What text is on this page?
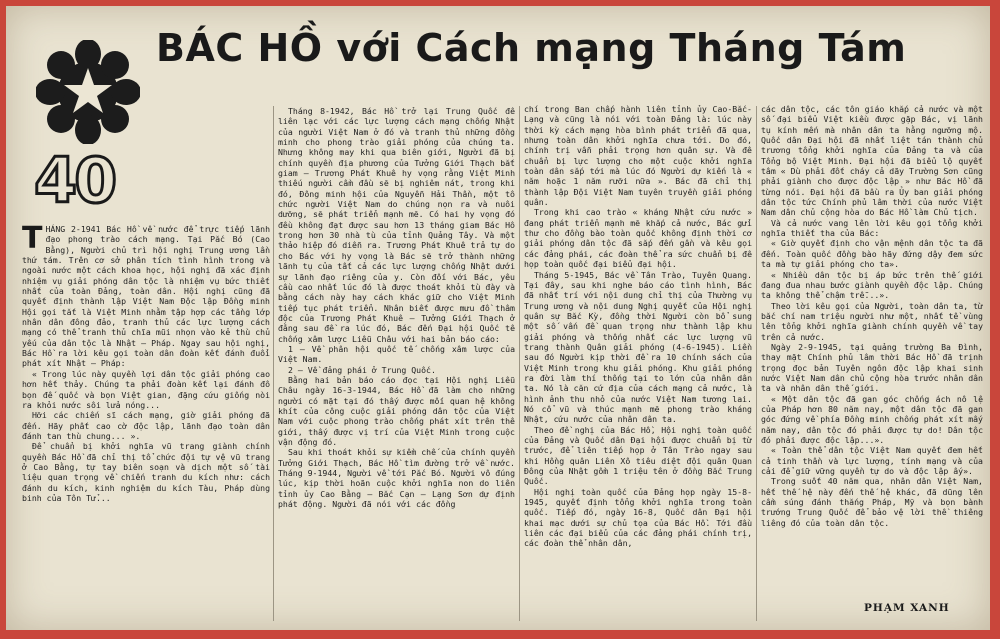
40
BÁC HỒ với Cách mạng Tháng Tám
T HÁNG 2-1941 Bác Hồ về nước để trực tiếp lãnh đạo phong trào cách mạng. Tại Pắc Bó (Cao Bằng), Người chủ trì hội nghị Trung ương lần thứ tám. Trên cơ sở phân tích tình hình trong và ngoài nước một cách khoa học, hội nghị đã xác định nhiệm vụ giải phóng dân tộc là nhiệm vụ bức thiết nhất của toàn Đảng, toàn dân. Hội nghị cũng đã quyết định thành lập Việt Nam Độc lập Đồng minh Hội gọi tắt là Việt Minh nhằm tập hợp các tầng lớp nhân dân đông đảo, tranh thủ các lực lượng cách mạng có thể tranh thủ chĩa mũi nhọn vào kẻ thù chủ yếu của dân tộc là Nhật – Pháp. Ngay sau hội nghị, Bác Hồ ra lời kêu gọi toàn dân đoàn kết đánh đuổi phát xít Nhật – Pháp:

« Trong lúc này quyền lợi dân tộc giải phóng cao hơn hết thảy. Chúng ta phải đoàn kết lại đánh đổ bọn đế quốc và bọn Việt gian, đặng cứu giống nòi ra khỏi nước sôi lửa nóng...

Hỡi các chiến sĩ cách mạng, giờ giải phóng đã đến. Hãy phất cao cờ độc lập, lãnh đạo toàn dân đánh tan thù chung... ».

Để chuẩn bị khởi nghĩa vũ trang giành chính quyền Bác Hồ đã chỉ thị tổ chức đội tự vệ vũ trang ở Cao Bằng, tự tay biên soạn và dịch một số tài liệu quan trọng về chiến tranh du kích như: cách đánh du kích, kinh nghiệm du kích Tàu, Pháp dùng binh của Tôn Tử...

Tháng 8-1942, Bác Hồ trở lại Trung Quốc để liên lạc với các lực lượng cách mạng chống Nhật của người Việt Nam ở đó và tranh thủ những đồng minh cho phong trào giải phóng của chúng ta. Nhưng không may khi qua biên giới, Người đã bị chính quyền địa phương của Tưởng Giới Thạch bắt giam – Trương Phát Khuê hy vọng rằng Việt Minh thiếu người cầm đầu sẽ bị nghiêm nát, trong khi đó, Đông minh hội của Nguyễn Hải Thần, một tổ chức người Việt Nam do chúng nọn ra và nuôi dưỡng, sẽ phát triển mạnh mẽ. Có hai hy vọng đó đều không đạt được sau hơn 13 tháng giam Bác Hồ trong hơn 30 nhà tù của tỉnh Quảng Tây. Và một thảo hiệp đó diễn ra. Trương Phát Khuê trả tự do cho Bác với hy vọng là Bác sẽ trở thành những lãnh tụ của tất cả các lực lượng chống Nhật dưới sự lãnh đạo riêng của y. Còn đối với Bác, yêu cầu cao nhất lúc đó là được thoát khỏi tù đày và bằng cách này hay cách khác giữ cho Việt Minh tiếp tục phát triển. Nhân biết được mưu đồ thâm độc của Trương Phát Khuê – Tưởng Giới Thạch ở đằng sau đề ra lúc đó, Bác đến Đại hội Quốc tế chống xâm lược Liễu Châu với hai bản báo cáo:

1 – Về phân hội quốc tế chống xâm lược của Việt Nam.

2 – Về đảng phái ở Trung Quốc.

Bằng hai bản báo cáo đọc tại Hội nghị Liễu Châu ngày 16-3-1944, Bác Hồ đã làm cho những người có mặt tại đó thấy được mối quan hệ không khít của công cuộc giải phóng dân tộc của Việt Nam với cuộc phong trào chống phát xít trên thế giới, thấy được vị trí của Việt Minh trong cuộc vận động đó.

Sau khi thoát khỏi sự kiềm chế của chính quyền Tưởng Giới Thạch, Bác Hồ tìm đường trở về nước. Tháng 9-1944, Người về tới Pắc Bó. Người vô đúng lúc, kịp thời hoãn cuộc khởi nghĩa non do liên tỉnh ủy Cao Bằng – Bắc Cạn – Lạng Sơn dự định phát động. Người đã nói với các đồng

chí trong Ban chấp hành liên tỉnh ủy Cao-Bắc-Lạng và cũng là nói với toàn Đảng là: lúc này thời kỳ cách mạng hòa bình phát triển đã qua, nhưng toàn dân khởi nghĩa chưa tới. Do đó, chính trị vẫn phải trọng hơn quân sự. Và để chuẩn bị lực lượng cho một cuộc khởi nghĩa toàn dân sắp tới mà lúc đó Người dự kiến là « năm hoặc 1 năm rưỡi nữa ». Bác đã chỉ thị thành lập Đội Việt Nam tuyên truyền giải phóng quân.

Trong khi cao trào « kháng Nhật cứu nước » đang phát triển mạnh mẽ khắp cả nước, Bác gửi thư cho đồng bào toàn quốc không định thời cơ giải phóng dân tộc đã sắp đến gần và kêu gọi các đảng phái, các đoàn thể ra sức chuẩn bị để họp toàn quốc đại biểu đại hội.

Tháng 5-1945, Bác về Tân Trào, Tuyên Quang. Tại đây, sau khi nghe báo cáo tình hình, Bác đã nhất trí với nội dung chỉ thị của Thường vụ Trung ương và nội dung Nghị quyết của Hội nghị quân sự Bắc Kỳ, đồng thời Người còn bổ sung một số vấn đề quan trọng như thành lập khu giải phóng và thống nhất các lực lượng vũ trang thành Quân giải phóng (4-6-1945). Liền sau đó Người kịp thời đề ra 10 chính sách của Việt Minh trong khu giải phóng. Khu giải phóng ra đời làm thí thống tại to lớn của nhân dân ta. Nó là căn cứ địa của cách mạng cả nước, là hình ảnh thu nhỏ của nước Việt Nam tương lai. Nó cổ vũ và thúc mạnh mẽ phong trào kháng Nhật, cứu nước của nhân dân ta.

Theo đề nghị của Bác Hồ, Hội nghị toàn quốc của Đảng và Quốc dân Đại hội được chuẩn bị từ trước, để liên tiếp họp ở Tân Trào ngay sau khi Hồng quân Liên Xô tiêu diệt đội quân Quan Đông của Nhật gồm 1 triệu tên ở đồng Bắc Trung Quốc.

Hội nghị toàn quốc của Đảng họp ngày 15-8-1945, quyết định tổng khởi nghĩa trong toàn quốc. Tiếp đó, ngày 16-8, Quốc dân Đại hội khai mạc dưới sự chủ tọa của Bác Hồ. Tới đầu liên các đại biểu của các đảng phái chính trị, các đoàn thể nhân dân,

các dân tộc, các tôn giáo khắp cả nước và một số đại biểu Việt kiều được gặp Bác, vị lãnh tụ kính mến mà nhân dân ta hằng ngưỡng mộ. Quốc dân Đại hội đã nhất liệt tán thành chủ trương tổng khởi nghĩa của Đảng ta và của Tổng bộ Việt Minh. Đại hội đã biểu lộ quyết tâm « Dù phải đốt cháy cả dãy Trường Sơn cũng phải giành cho được độc lập » như Bác Hồ đã từng nói. Đại hội đã bầu ra Ủy ban giải phóng dân tộc tức Chính phủ lâm thời của nước Việt Nam dân chủ cộng hòa do Bác Hồ làm Chủ tịch.

Và cả nước vang lên lời kêu gọi tổng khởi nghĩa thiết tha của Bác:

« Giờ quyết định cho vận mệnh dân tộc ta đã đến. Toàn quốc đồng bào hãy đứng dậy đem sức ta mà tự giải phóng cho ta».

« Nhiều dân tộc bị áp bức trên thế giới đang đua nhau bước giành quyền độc lập. Chúng ta không thể chậm trễ...».

Theo lời kêu gọi của Người, toàn dân ta, từ bắc chí nam triệu người như một, nhất tề vùng lên tổng khởi nghĩa giành chính quyền về tay trên cả nước.

Ngày 2-9-1945, tại quảng trường Ba Đình, thay mặt Chính phủ lâm thời Bác Hồ đã trịnh trọng đọc bản Tuyên ngôn độc lập khai sinh nước Việt Nam dân chủ cộng hòa trước nhân dân ta và nhân dân thế giới.

« Một dân tộc đã gan góc chống ách nô lệ của Pháp hơn 80 năm nay, một dân tộc đã gan góc đứng về phía Đồng minh chống phát xít mấy năm nay, dân tộc đó phải được tự do! Dân tộc đó phải được độc lập...».

« Toàn thể dân tộc Việt Nam quyết đem hết cả tinh thần và lực lượng, tính mạng và của cải để giữ vững quyền tự do và độc lập ấy».

Trong suốt 40 năm qua, nhân dân Việt Nam, hết thế hệ này đến thế hệ khác, đã dũng lên cầm súng đánh thắng Pháp, Mỹ và bọn bành trướng Trung Quốc để bảo vệ lời thề thiêng liêng đó của toàn dân tộc.

PHẠM XANH
